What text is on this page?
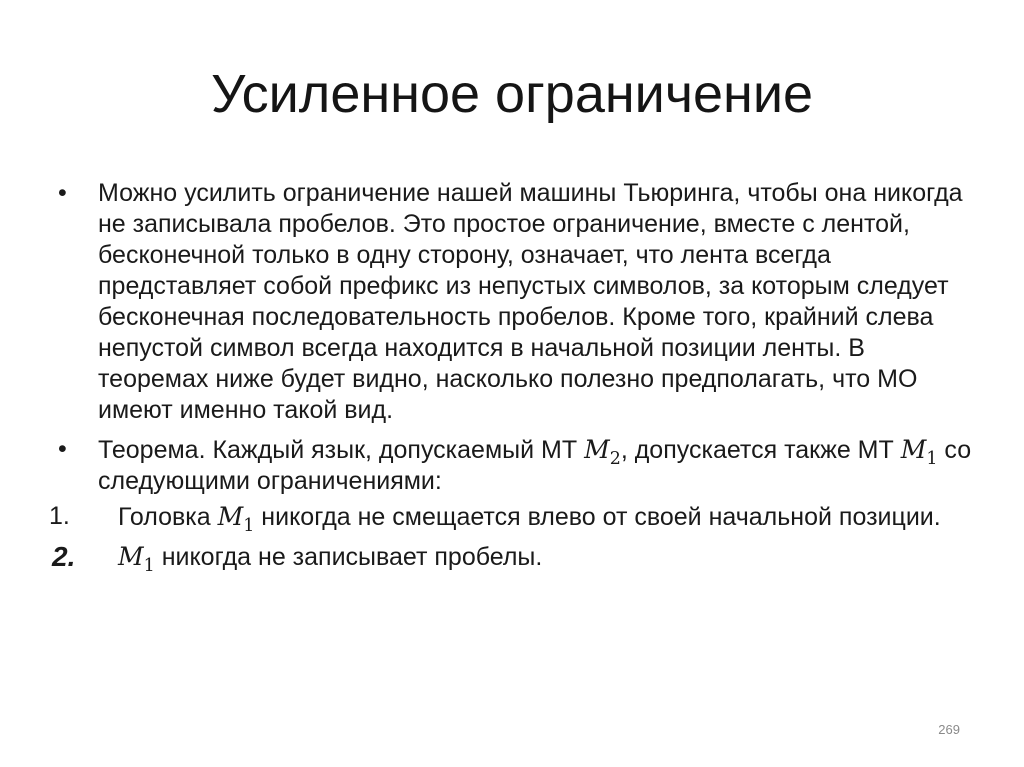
Усиленное ограничение
•	Можно усилить ограничение нашей машины Тьюринга, чтобы она никогда не записывала пробелов. Это простое ограничение, вместе с лентой, бесконечной только в одну сторону, означает, что лента всегда представляет собой префикс из непустых символов, за которым следует бесконечная последовательность пробелов. Кроме того, крайний слева непустой символ всегда находится в начальной позиции ленты. В теоремах ниже будет видно, насколько полезно предполагать, что МО имеют именно такой вид.
•	Теорема. Каждый язык, допускаемый МТ $M_2$, допускается также МТ $M_1$ со следующими ограничениями:
1.	Головка $M_1$ никогда не смещается влево от своей начальной позиции.
2.	$M_1$ никогда не записывает пробелы.
269
